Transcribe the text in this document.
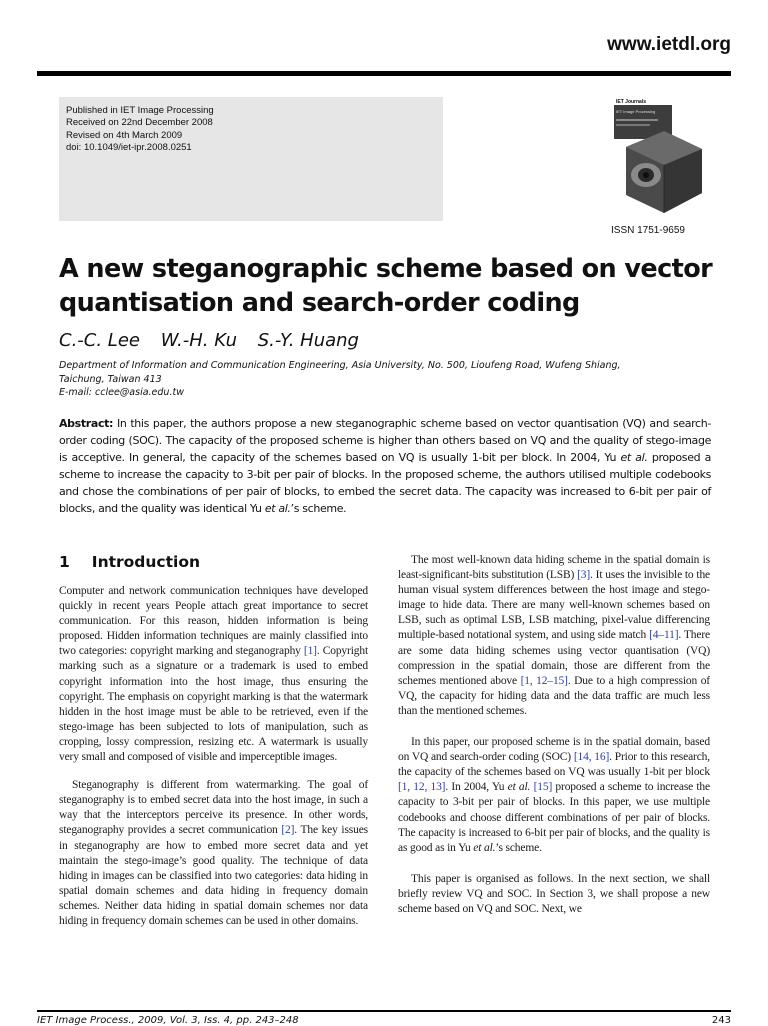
www.ietdl.org
Published in IET Image Processing
Received on 22nd December 2008
Revised on 4th March 2009
doi: 10.1049/iet-ipr.2008.0251
IET Journals
IET Image Processing
ISSN 1751-9659
A new steganographic scheme based on vector quantisation and search-order coding
C.-C. Lee W.-H. Ku S.-Y. Huang
Department of Information and Communication Engineering, Asia University, No. 500, Lioufeng Road, Wufeng Shiang,
Taichung, Taiwan 413
E-mail: cclee@asia.edu.tw
Abstract: In this paper, the authors propose a new steganographic scheme based on vector quantisation (VQ) and search-order coding (SOC). The capacity of the proposed scheme is higher than others based on VQ and the quality of stego-image is acceptive. In general, the capacity of the schemes based on VQ is usually 1-bit per block. In 2004, Yu et al. proposed a scheme to increase the capacity to 3-bit per pair of blocks. In the proposed scheme, the authors utilised multiple codebooks and chose the combinations of per pair of blocks, to embed the secret data. The capacity was increased to 6-bit per pair of blocks, and the quality was identical Yu et al.’s scheme.
1 Introduction

Computer and network communication techniques have developed quickly in recent years People attach great importance to secret communication. For this reason, hidden information is being proposed. Hidden information techniques are mainly classified into two categories: copyright marking and steganography [1]. Copyright marking such as a signature or a trademark is used to embed copyright information into the host image, thus ensuring the copyright. The emphasis on copyright marking is that the watermark hidden in the host image must be able to be retrieved, even if the stego-image has been subjected to lots of manipulation, such as cropping, lossy compression, resizing etc. A watermark is usually very small and composed of visible and imperceptible images.

Steganography is different from watermarking. The goal of steganography is to embed secret data into the host image, in such a way that the interceptors perceive its presence. In other words, steganography provides a secret communication [2]. The key issues in steganography are how to embed more secret data and yet maintain the stego-image’s good quality. The technique of data hiding in images can be classified into two categories: data hiding in spatial domain schemes and data hiding in frequency domain schemes. Neither data hiding in spatial domain schemes nor data hiding in frequency domain schemes can be used in other domains.

The most well-known data hiding scheme in the spatial domain is least-significant-bits substitution (LSB) [3]. It uses the invisible to the human visual system differences between the host image and stego-image to hide data. There are many well-known schemes based on LSB, such as optimal LSB, LSB matching, pixel-value differencing multiple-based notational system, and using side match [4–11]. There are some data hiding schemes using vector quantisation (VQ) compression in the spatial domain, those are different from the schemes mentioned above [1, 12–15]. Due to a high compression of VQ, the capacity for hiding data and the data traffic are much less than the mentioned schemes.

In this paper, our proposed scheme is in the spatial domain, based on VQ and search-order coding (SOC) [14, 16]. Prior to this research, the capacity of the schemes based on VQ was usually 1-bit per block [1, 12, 13]. In 2004, Yu et al. [15] proposed a scheme to increase the capacity to 3-bit per pair of blocks. In this paper, we use multiple codebooks and choose different combinations of per pair of blocks. The capacity is increased to 6-bit per pair of blocks, and the quality is as good as in Yu et al.’s scheme.

This paper is organised as follows. In the next section, we shall briefly review VQ and SOC. In Section 3, we shall propose a new scheme based on VQ and SOC. Next, we

IET Image Process., 2009, Vol. 3, Iss. 4, pp. 243–248	243
